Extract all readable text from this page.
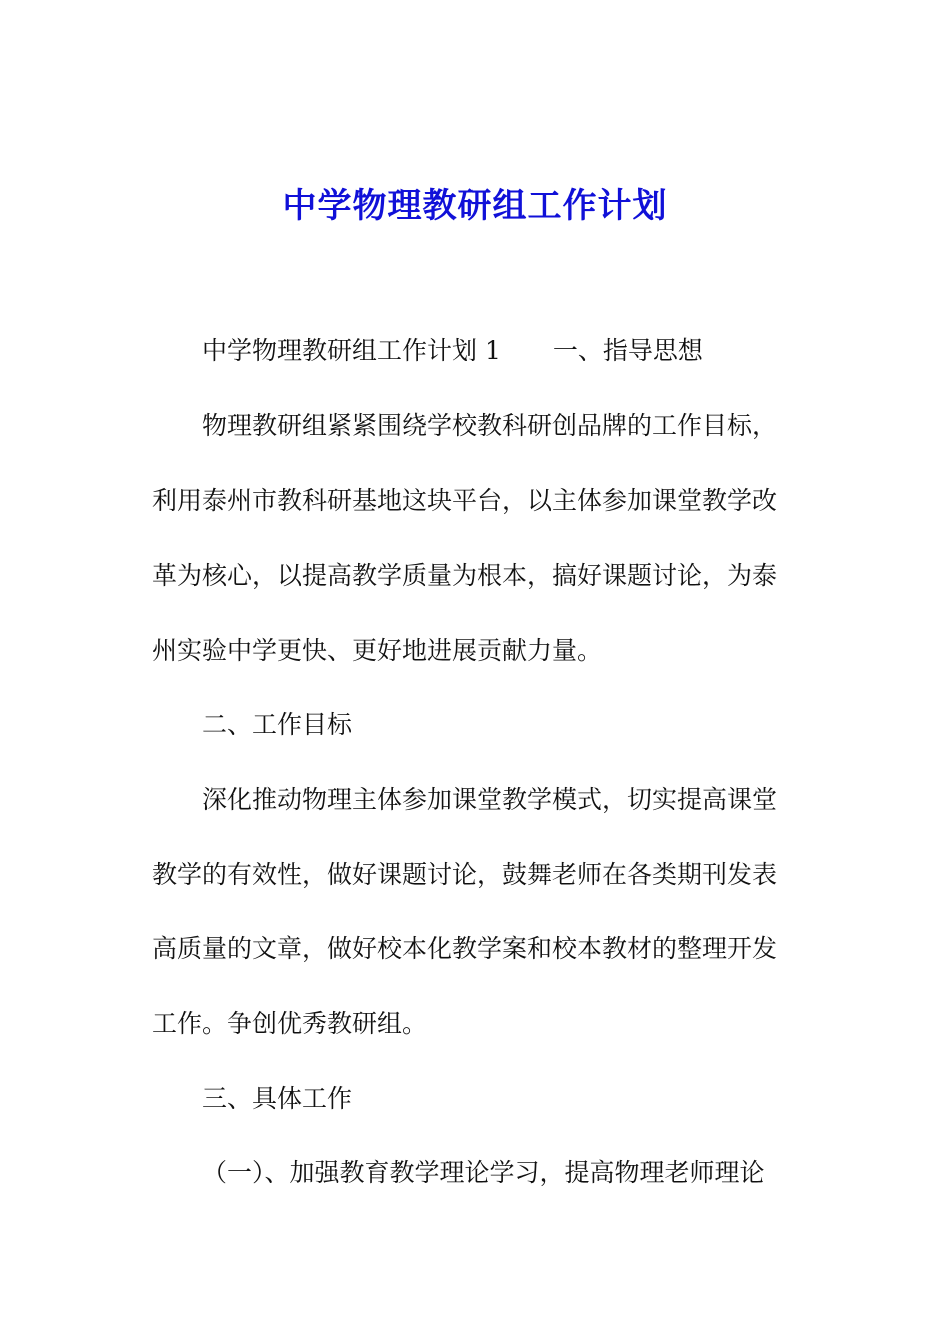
中学物理教研组工作计划
中学物理教研组工作计划 1 一、指导思想
物理教研组紧紧围绕学校教科研创品牌的工作目标，
利用泰州市教科研基地这块平台，以主体参加课堂教学改
革为核心，以提高教学质量为根本，搞好课题讨论，为泰
州实验中学更快、更好地进展贡献力量。
二、工作目标
深化推动物理主体参加课堂教学模式，切实提高课堂
教学的有效性，做好课题讨论，鼓舞老师在各类期刊发表
高质量的文章，做好校本化教学案和校本教材的整理开发
工作。争创优秀教研组。
三、具体工作
（一）、加强教育教学理论学习，提高物理老师理论
